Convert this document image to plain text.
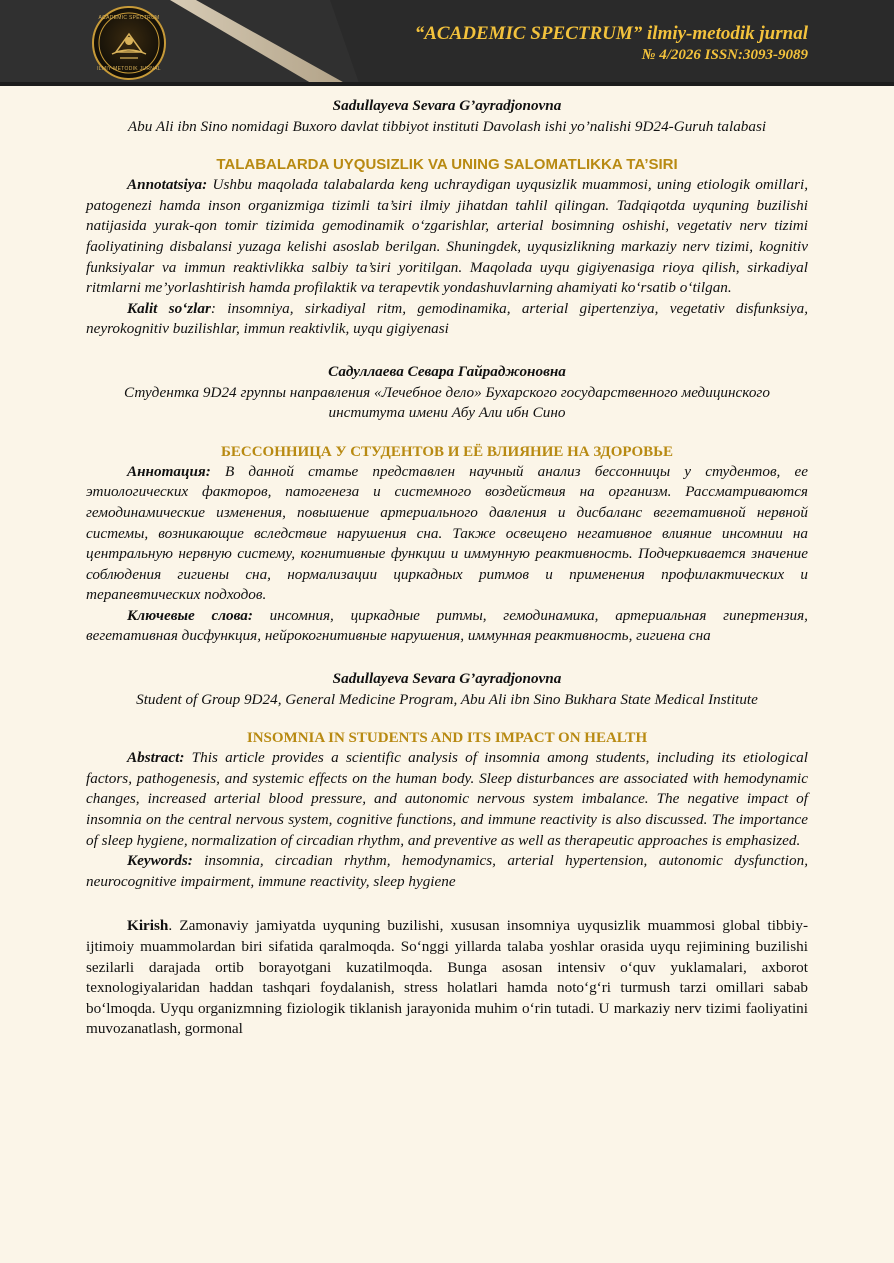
ACADEMIC SPECTRUM
ILMIY-METODIK JURNAL
“ACADEMIC SPECTRUM” ilmiy-metodik jurnal
№ 4/2026 ISSN:3093-9089
Sadullayeva Sevara G’ayradjonovna
Abu Ali ibn Sino nomidagi Buxoro davlat tibbiyot instituti Davolash ishi yo’nalishi 9D24-Guruh talabasi
TALABALARDA UYQUSIZLIK VA UNING SALOMATLIKKA TA’SIRI

Annotatsiya: Ushbu maqolada talabalarda keng uchraydigan uyqusizlik muammosi, uning etiologik omillari, patogenezi hamda inson organizmiga tizimli ta’siri ilmiy jihatdan tahlil qilingan. Tadqiqotda uyquning buzilishi natijasida yurak-qon tomir tizimida gemodinamik o‘zgarishlar, arterial bosimning oshishi, vegetativ nerv tizimi faoliyatining disbalansi yuzaga kelishi asoslab berilgan. Shuningdek, uyqusizlikning markaziy nerv tizimi, kognitiv funksiyalar va immun reaktivlikka salbiy ta’siri yoritilgan. Maqolada uyqu gigiyenasiga rioya qilish, sirkadiyal ritmlarni me’yorlashtirish hamda profilaktik va terapevtik yondashuvlarning ahamiyati ko‘rsatib o‘tilgan.

Kalit so‘zlar: insomniya, sirkadiyal ritm, gemodinamika, arterial gipertenziya, vegetativ disfunksiya, neyrokognitiv buzilishlar, immun reaktivlik, uyqu gigiyenasi

Садуллаева Севара Гайраджоновна
Студентка 9D24 группы направления «Лечебное дело» Бухарского государственного медицинского института имени Абу Али ибн Сино
БЕССОННИЦА У СТУДЕНТОВ И ЕЁ ВЛИЯНИЕ НА ЗДОРОВЬЕ

Аннотация: В данной статье представлен научный анализ бессонницы у студентов, ее этиологических факторов, патогенеза и системного воздействия на организм. Рассматриваются гемодинамические изменения, повышение артериального давления и дисбаланс вегетативной нервной системы, возникающие вследствие нарушения сна. Также освещено негативное влияние инсомнии на центральную нервную систему, когнитивные функции и иммунную реактивность. Подчеркивается значение соблюдения гигиены сна, нормализации циркадных ритмов и применения профилактических и терапевтических подходов.

Ключевые слова: инсомния, циркадные ритмы, гемодинамика, артериальная гипертензия, вегетативная дисфункция, нейрокогнитивные нарушения, иммунная реактивность, гигиена сна

Sadullayeva Sevara G’ayradjonovna
Student of Group 9D24, General Medicine Program, Abu Ali ibn Sino Bukhara State Medical Institute
INSOMNIA IN STUDENTS AND ITS IMPACT ON HEALTH

Abstract: This article provides a scientific analysis of insomnia among students, including its etiological factors, pathogenesis, and systemic effects on the human body. Sleep disturbances are associated with hemodynamic changes, increased arterial blood pressure, and autonomic nervous system imbalance. The negative impact of insomnia on the central nervous system, cognitive functions, and immune reactivity is also discussed. The importance of sleep hygiene, normalization of circadian rhythm, and preventive as well as therapeutic approaches is emphasized.

Keywords: insomnia, circadian rhythm, hemodynamics, arterial hypertension, autonomic dysfunction, neurocognitive impairment, immune reactivity, sleep hygiene

Kirish. Zamonaviy jamiyatda uyquning buzilishi, xususan insomniya uyqusizlik muammosi global tibbiy-ijtimoiy muammolardan biri sifatida qaralmoqda. So‘nggi yillarda talaba yoshlar orasida uyqu rejimining buzilishi sezilarli darajada ortib borayotgani kuzatilmoqda. Bunga asosan intensiv o‘quv yuklamalari, axborot texnologiyalaridan haddan tashqari foydalanish, stress holatlari hamda noto‘g‘ri turmush tarzi omillari sabab bo‘lmoqda. Uyqu organizmning fiziologik tiklanish jarayonida muhim o‘rin tutadi. U markaziy nerv tizimi faoliyatini muvozanatlash, gormonal
